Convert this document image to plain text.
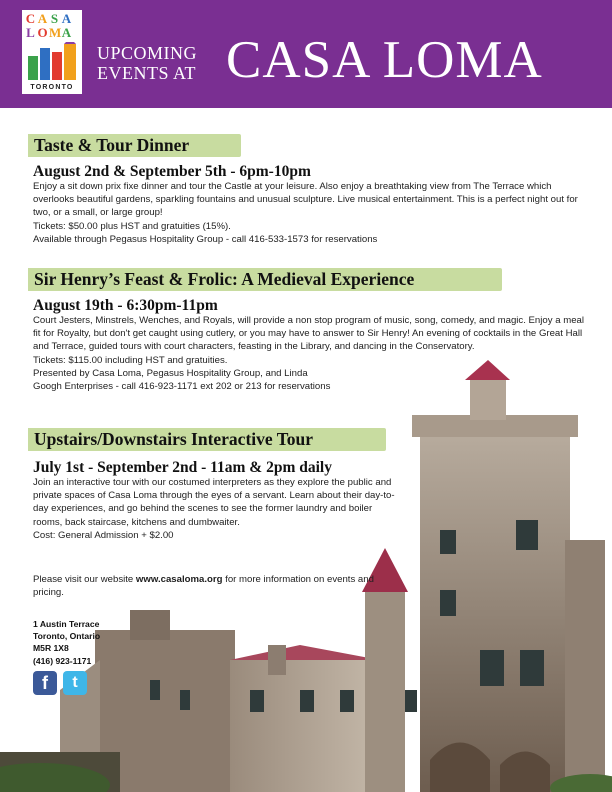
C A S A
L OMA
TORONTO
UPCOMING
EVENTS AT CASA LOMA
Taste & Tour Dinner
August 2nd & September 5th - 6pm-10pm

Enjoy a sit down prix fixe dinner and tour the Castle at your leisure. Also enjoy a breathtaking view from The Terrace which overlooks beautiful gardens, sparkling fountains and unusual sculpture. Live musical entertainment. This is a perfect night out for two, or a small, or large group!

Tickets: $50.00 plus HST and gratuities (15%).

Available through Pegasus Hospitality Group - call 416-533-1573 for reservations

Sir Henry’s Feast & Frolic: A Medieval Experience
August 19th - 6:30pm-11pm

Court Jesters, Minstrels, Wenches, and Royals, will provide a non stop program of music, song, comedy, and magic. Enjoy a meal fit for Royalty, but don't get caught using cutlery, or you may have to answer to Sir Henry! An evening of cocktails in the Great Hall and Terrace, guided tours with court characters, feasting in the Library, and dancing in the Conservatory.

Tickets: $115.00 including HST and gratuities.

Presented by Casa Loma, Pegasus Hospitality Group, and Linda

Googh Enterprises - call 416-923-1171 ext 202 or 213 for reservations

Upstairs/Downstairs Interactive Tour
July 1st - September 2nd - 11am & 2pm daily

Join an interactive tour with our costumed interpreters as they explore the public and private spaces of Casa Loma through the eyes of a servant. Learn about their day-to-day experiences, and go behind the scenes to see the former laundry and boiler rooms, back staircase, kitchens and dumbwaiter.

Cost: General Admission + $2.00

Please visit our website www.casaloma.org for more information on events and pricing.
1 Austin Terrace
Toronto, Ontario
M5R 1X8
(416) 923-1171
f	t
